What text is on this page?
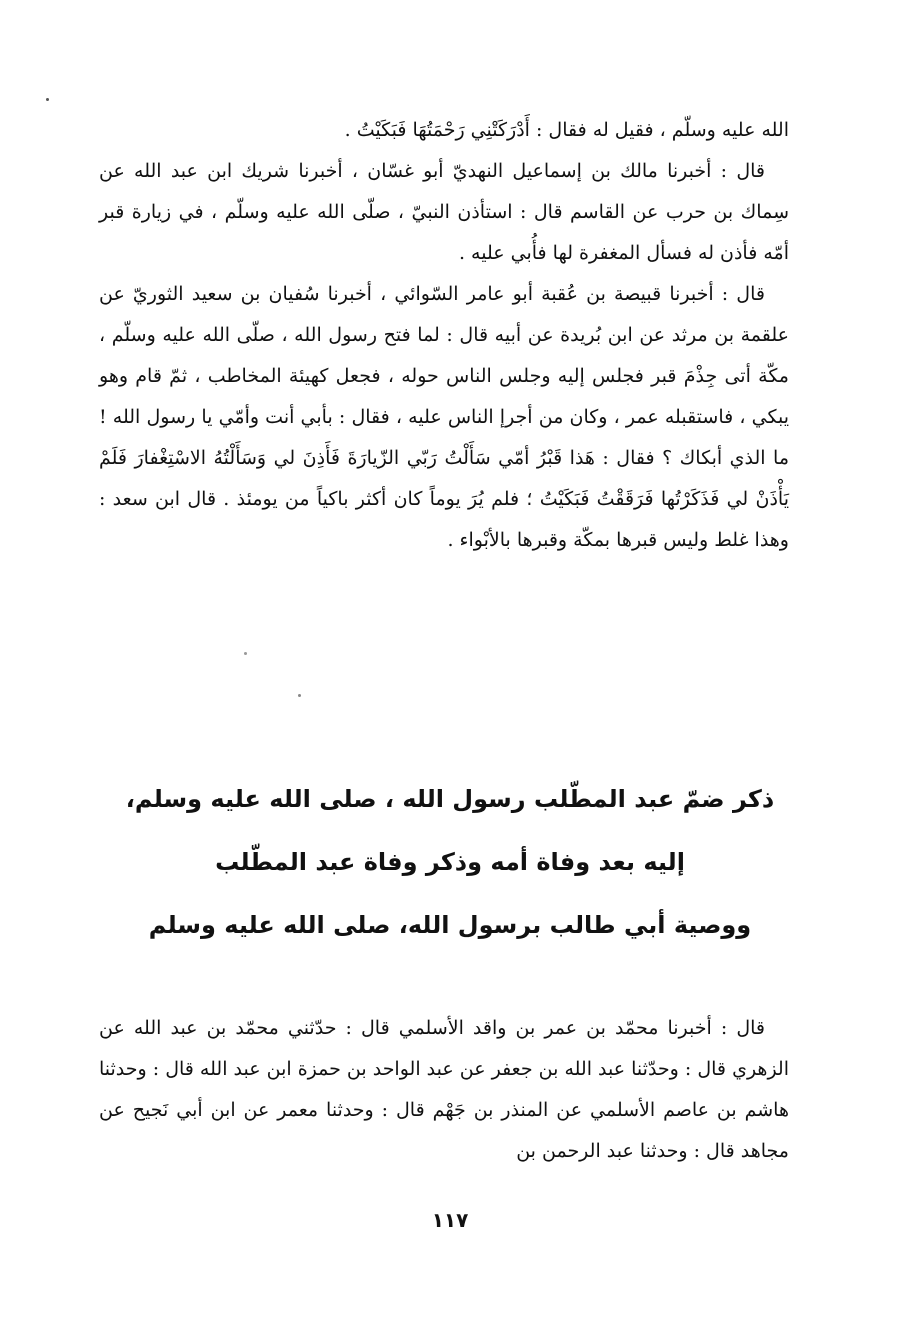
الله عليه وسلّم ، فقيل له فقال : أَدْرَكَتْنِي رَحْمَتُهَا فَبَكَيْتُ .

قال : أخبرنا مالك بن إسماعيل النهديّ أبو غسّان ، أخبرنا شريك ابن عبد الله عن سِماك بن حرب عن القاسم قال : استأذن النبيّ ، صلّى الله عليه وسلّم ، في زيارة قبر أمّه فأذن له فسأل المغفرة لها فأُبي عليه .

قال : أخبرنا قبيصة بن عُقبة أبو عامر السّوائي ، أخبرنا سُفيان بن سعيد الثوريّ عن علقمة بن مرثد عن ابن بُريدة عن أبيه قال : لما فتح رسول الله ، صلّى الله عليه وسلّم ، مكّة أتى جِذْمَ قبر فجلس إليه وجلس الناس حوله ، فجعل كهيئة المخاطب ، ثمّ قام وهو يبكي ، فاستقبله عمر ، وكان من أجرإ الناس عليه ، فقال : بأبي أنت وأمّي يا رسول الله ! ما الذي أبكاك ؟ فقال : هَذا قَبْرُ أمّي سَأَلْتُ رَبّي الزّيارَةَ فَأَذِنَ لي وَسَأَلْتُهُ الاسْتِغْفارَ فَلَمْ يَأْذَنْ لي فَذَكَرْتُها فَرَقَقْتُ فَبَكَيْتُ ؛ فلم يُرَ يوماً كان أكثر باكياً من يومئذ . قال ابن سعد : وهذا غلط وليس قبرها بمكّة وقبرها بالأبْواء .

ذكر ضمّ عبد المطّلب رسول الله ، صلى الله عليه وسلم،
إليه بعد وفاة أمه وذكر وفاة عبد المطّلب
ووصية أبي طالب برسول الله، صلى الله عليه وسلم

قال : أخبرنا محمّد بن عمر بن واقد الأسلمي قال : حدّثني محمّد بن عبد الله عن الزهري قال : وحدّثنا عبد الله بن جعفر عن عبد الواحد بن حمزة ابن عبد الله قال : وحدثنا هاشم بن عاصم الأسلمي عن المنذر بن جَهْم قال : وحدثنا معمر عن ابن أبي نَجيح عن مجاهد قال : وحدثنا عبد الرحمن بن

١١٧
